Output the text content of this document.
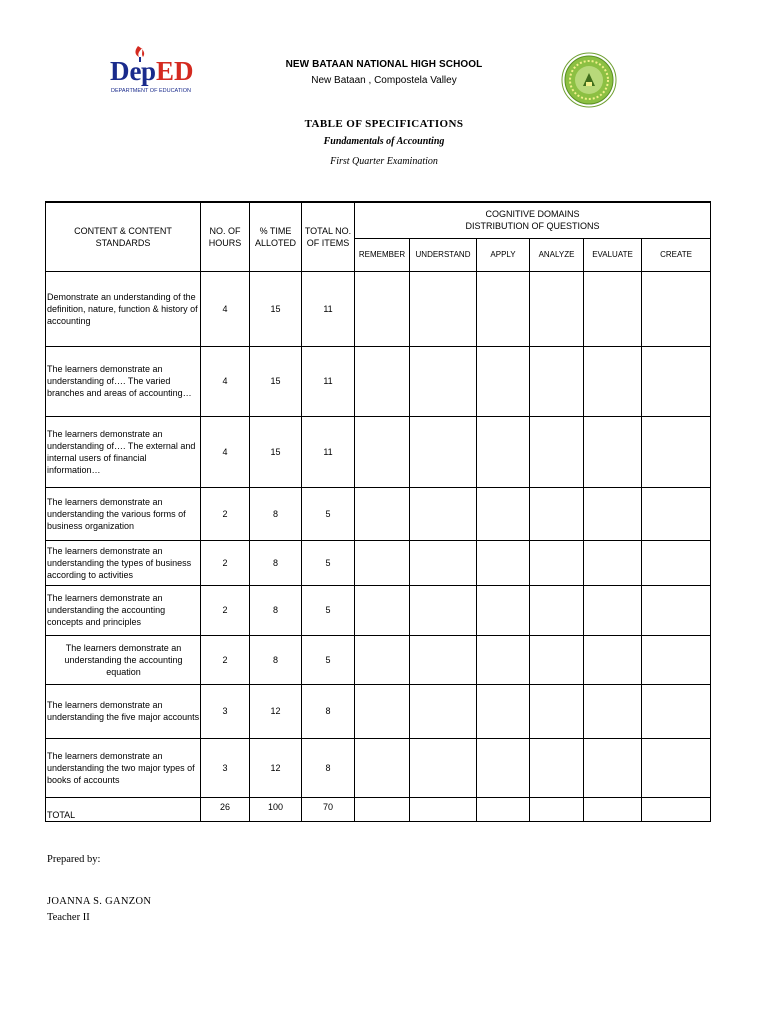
De p ED
DEPARTMENT OF EDUCATION
NEW BATAAN NATIONAL HIGH SCHOOL
New Bataan , Compostela Valley
TABLE OF SPECIFICATIONS
Fundamentals of Accounting
First Quarter Examination
CONTENT & CONTENT STANDARDS	NO. OF HOURS	% TIME ALLOTED	TOTAL NO. OF ITEMS	COGNITIVE DOMAINS
DISTRIBUTION OF QUESTIONS					

				REMEMBER	UNDERSTAND	APPLY	ANALYZE	EVALUATE	CREATE
Demonstrate an understanding of the definition, nature, function & history of accounting	4	15	11						
The learners demonstrate an understanding of…. The varied branches and areas of accounting…	4	15	11						
The learners demonstrate an understanding of…. The external and internal users of financial information…	4	15	11						
The learners demonstrate an understanding the various forms of business organization	2	8	5						
The learners demonstrate an understanding the types of business according to activities	2	8	5						
The learners demonstrate an understanding the accounting concepts and principles	2	8	5						
The learners demonstrate an understanding the accounting equation	2	8	5						
The learners demonstrate an understanding the five major accounts	3	12	8						
The learners demonstrate an understanding the two major types of books of accounts	3	12	8						
TOTAL	26	100	70						
Prepared by:
JOANNA S. GANZON
Teacher II
